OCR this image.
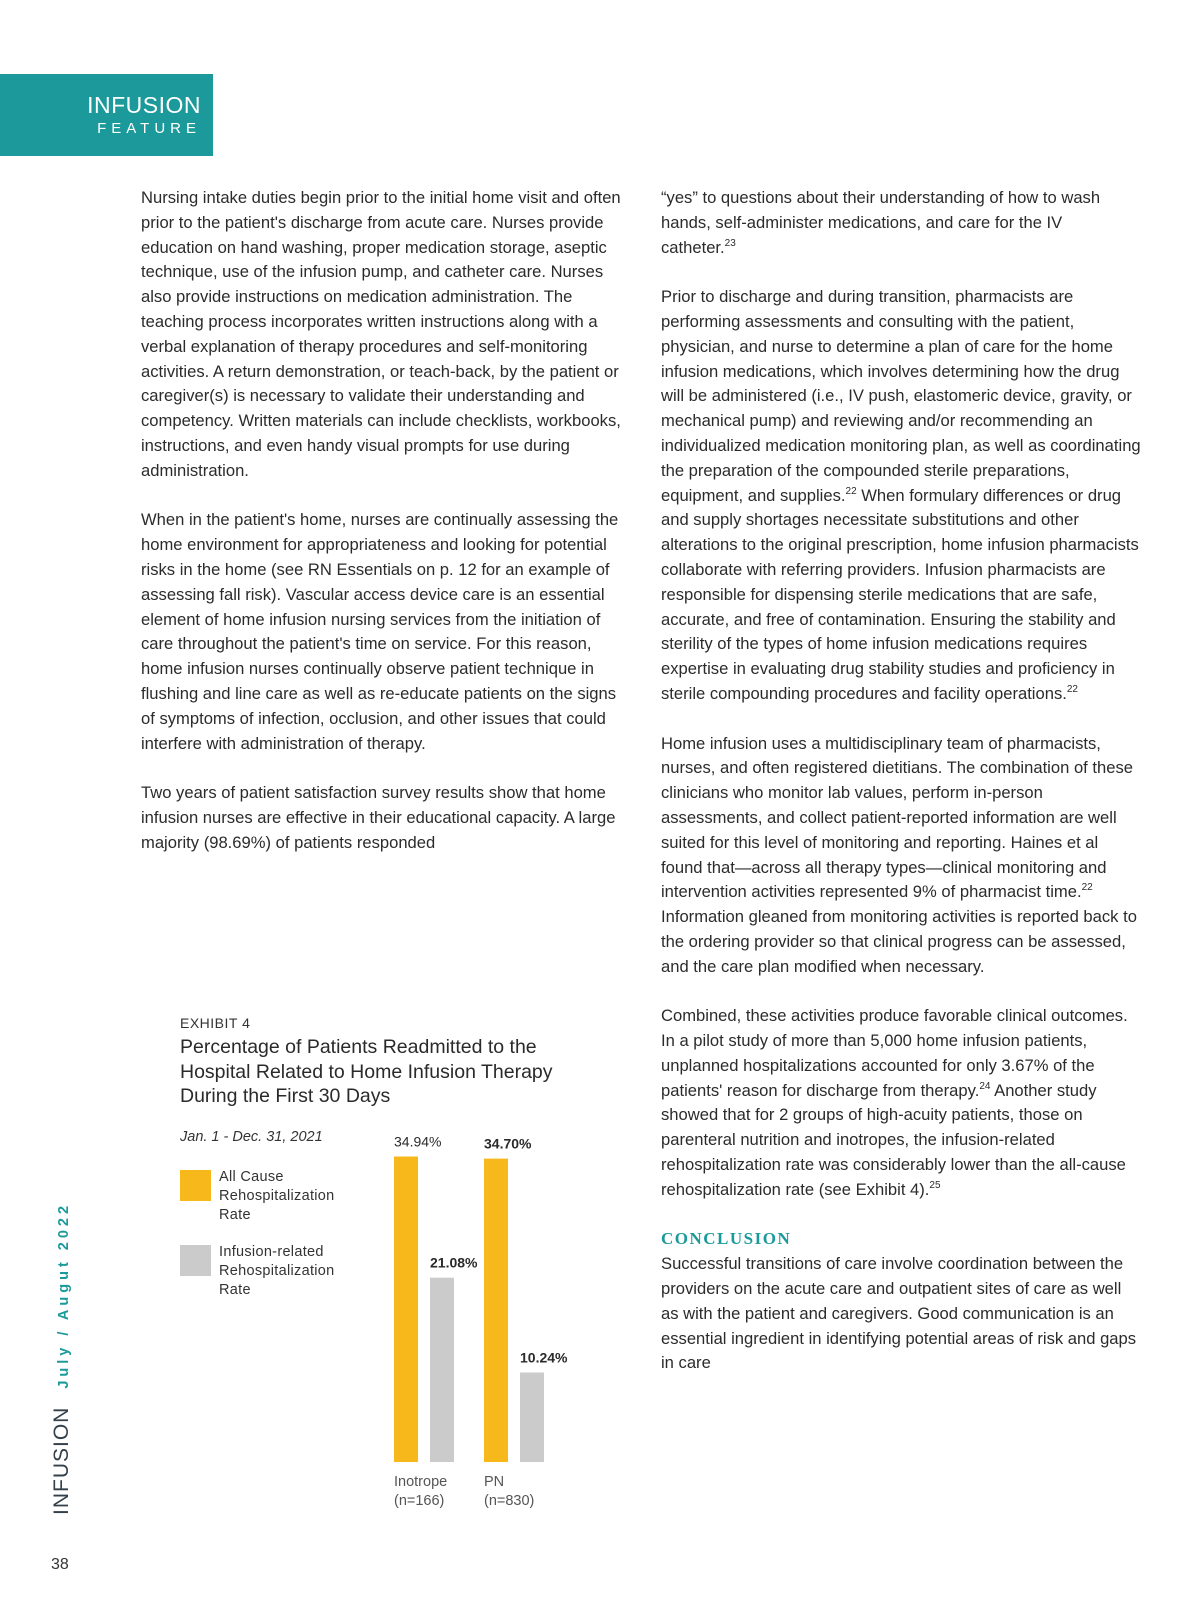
INFUSION
FEATURE

Nursing intake duties begin prior to the initial home visit and often prior to the patient's discharge from acute care. Nurses provide education on hand washing, proper medication storage, aseptic technique, use of the infusion pump, and catheter care. Nurses also provide instructions on medication administration. The teaching process incorporates written instructions along with a verbal explanation of therapy procedures and self-monitoring activities. A return demonstration, or teach-back, by the patient or caregiver(s) is necessary to validate their understanding and competency. Written materials can include checklists, workbooks, instructions, and even handy visual prompts for use during administration.

When in the patient's home, nurses are continually assessing the home environment for appropriateness and looking for potential risks in the home (see RN Essentials on p. 12 for an example of assessing fall risk). Vascular access device care is an essential element of home infusion nursing services from the initiation of care throughout the patient's time on service. For this reason, home infusion nurses continually observe patient technique in flushing and line care as well as re-educate patients on the signs of symptoms of infection, occlusion, and other issues that could interfere with administration of therapy.

Two years of patient satisfaction survey results show that home infusion nurses are effective in their educational capacity. A large majority (98.69%) of patients responded

“yes” to questions about their understanding of how to wash hands, self-administer medications, and care for the IV catheter.$^{23}$

Prior to discharge and during transition, pharmacists are performing assessments and consulting with the patient, physician, and nurse to determine a plan of care for the home infusion medications, which involves determining how the drug will be administered (i.e., IV push, elastomeric device, gravity, or mechanical pump) and reviewing and/or recommending an individualized medication monitoring plan, as well as coordinating the preparation of the compounded sterile preparations, equipment, and supplies.$^{22}$ When formulary differences or drug and supply shortages necessitate substitutions and other alterations to the original prescription, home infusion pharmacists collaborate with referring providers. Infusion pharmacists are responsible for dispensing sterile medications that are safe, accurate, and free of contamination. Ensuring the stability and sterility of the types of home infusion medications requires expertise in evaluating drug stability studies and proficiency in sterile compounding procedures and facility operations.$^{22}$

Home infusion uses a multidisciplinary team of pharmacists, nurses, and often registered dietitians. The combination of these clinicians who monitor lab values, perform in-person assessments, and collect patient-reported information are well suited for this level of monitoring and reporting. Haines et al found that—across all therapy types—clinical monitoring and intervention activities represented 9% of pharmacist time.$^{22}$ Information gleaned from monitoring activities is reported back to the ordering provider so that clinical progress can be assessed, and the care plan modified when necessary.

Combined, these activities produce favorable clinical outcomes. In a pilot study of more than 5,000 home infusion patients, unplanned hospitalizations accounted for only 3.67% of the patients' reason for discharge from therapy.$^{24}$ Another study showed that for 2 groups of high-acuity patients, those on parenteral nutrition and inotropes, the infusion-related rehospitalization rate was considerably lower than the all-cause rehospitalization rate (see Exhibit 4).$^{25}$

CONCLUSION

Successful transitions of care involve coordination between the providers on the acute care and outpatient sites of care as well as with the patient and caregivers. Good communication is an essential ingredient in identifying potential areas of risk and gaps in care

EXHIBIT 4
Percentage of Patients Readmitted to the Hospital Related to Home Infusion Therapy During the First 30 Days
Jan. 1 - Dec. 31, 2021
All Cause Rehospitalization Rate
Infusion-related Rehospitalization Rate
34.94%	34.70%
21.08%
10.24%
Inotrope
(n=166)
PN
(n=830)
INFUSIONJuly / Augut 2022
38
